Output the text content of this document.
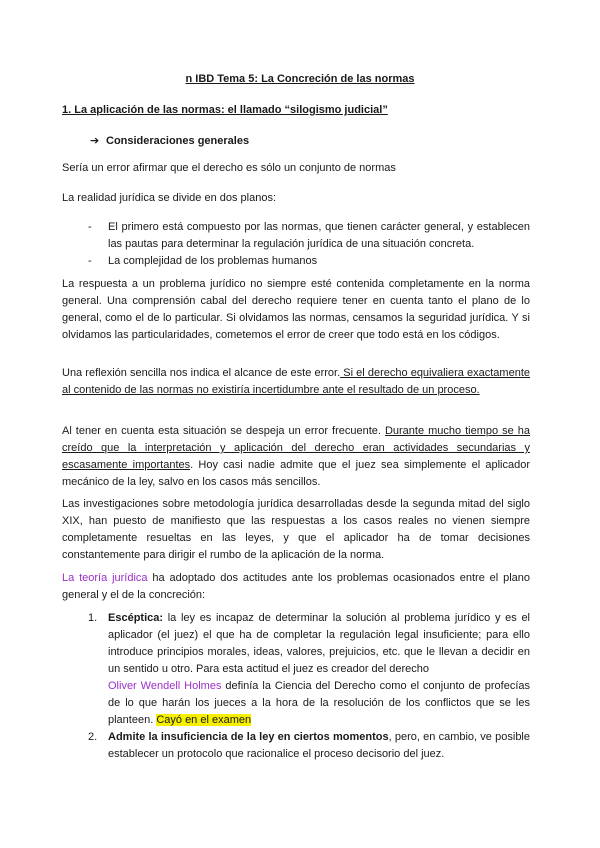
n IBD Tema 5: La Concreción de las normas
1. La aplicación de las normas: el llamado “silogismo judicial”
➔ Consideraciones generales
Sería un error afirmar que el derecho es sólo un conjunto de normas
La realidad jurídica se divide en dos planos:
- El primero está compuesto por las normas, que tienen carácter general, y establecen las pautas para determinar la regulación jurídica de una situación concreta.
- La complejidad de los problemas humanos
La respuesta a un problema jurídico no siempre esté contenida completamente en la norma general. Una comprensión cabal del derecho requiere tener en cuenta tanto el plano de lo general, como el de lo particular. Si olvidamos las normas, censamos la seguridad jurídica. Y si olvidamos las particularidades, cometemos el error de creer que todo está en los códigos.
Una reflexión sencilla nos indica el alcance de este error. Si el derecho equivaliera exactamente al contenido de las normas no existiría incertidumbre ante el resultado de un proceso.
Al tener en cuenta esta situación se despeja un error frecuente. Durante mucho tiempo se ha creído que la interpretación y aplicación del derecho eran actividades secundarias y escasamente importantes. Hoy casi nadie admite que el juez sea simplemente el aplicador mecánico de la ley, salvo en los casos más sencillos.
Las investigaciones sobre metodología jurídica desarrolladas desde la segunda mitad del siglo XIX, han puesto de manifiesto que las respuestas a los casos reales no vienen siempre completamente resueltas en las leyes, y que el aplicador ha de tomar decisiones constantemente para dirigir el rumbo de la aplicación de la norma.
La teoría jurídica ha adoptado dos actitudes ante los problemas ocasionados entre el plano general y el de la concreción:
1. Escéptica: la ley es incapaz de determinar la solución al problema jurídico y es el aplicador (el juez) el que ha de completar la regulación legal insuficiente; para ello introduce principios morales, ideas, valores, prejuicios, etc. que le llevan a decidir en un sentido u otro. Para esta actitud el juez es creador del derecho
Oliver Wendell Holmes definía la Ciencia del Derecho como el conjunto de profecías de lo que harán los jueces a la hora de la resolución de los conflictos que se les planteen. Cayó en el examen
2. Admite la insuficiencia de la ley en ciertos momentos, pero, en cambio, ve posible establecer un protocolo que racionalice el proceso decisorio del juez.
